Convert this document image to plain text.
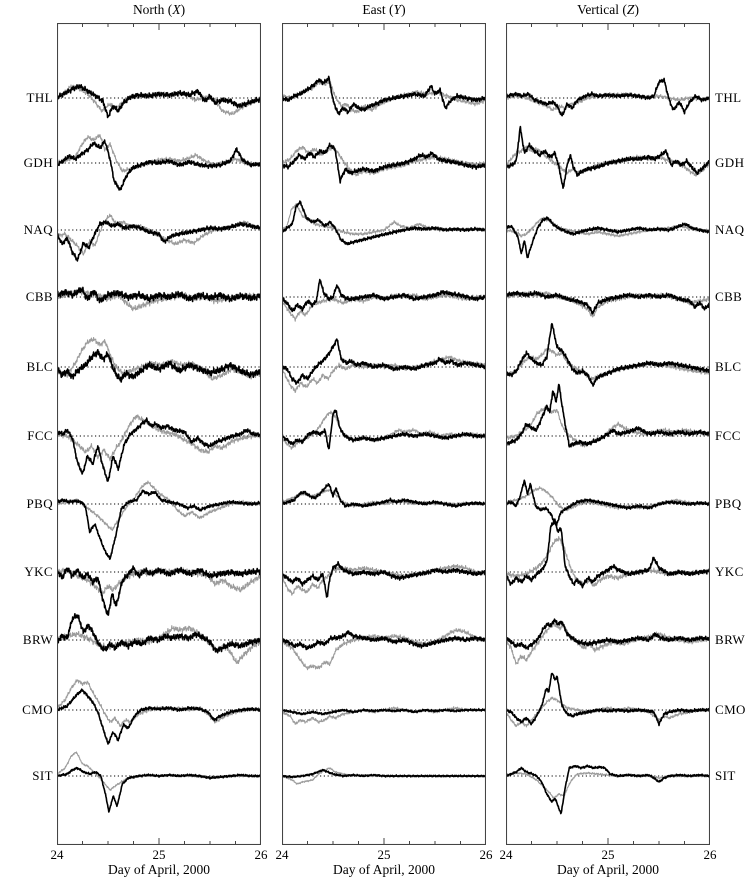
North (X)
24	25	26
Day of April, 2000
East (Y)
24	25	26
Day of April, 2000
Vertical (Z)
24	25	26
Day of April, 2000
THL	THL
GDH	GDH
NAQ	NAQ
CBB	CBB
BLC	BLC
FCC	FCC
PBQ	PBQ
YKC	YKC
BRW	BRW
CMO	CMO
SIT	SIT
